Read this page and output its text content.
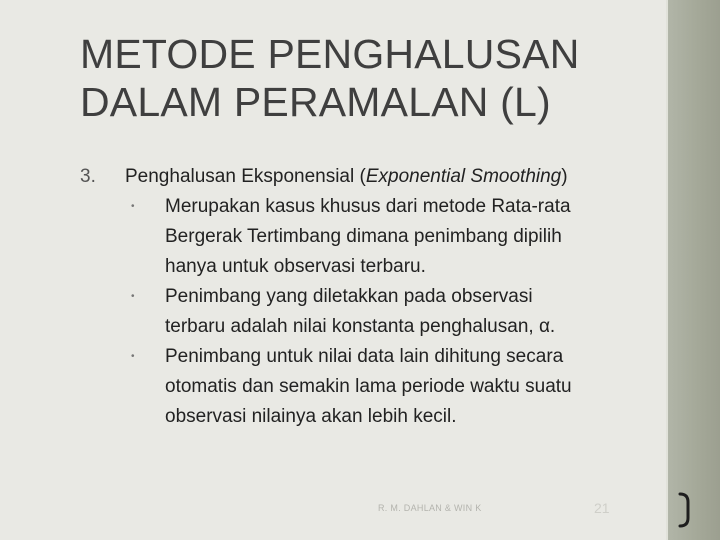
METODE PENGHALUSAN
DALAM PERAMALAN (L)
3. Penghalusan Eksponensial (Exponential Smoothing)
• Merupakan kasus khusus dari metode Rata-rata
Bergerak Tertimbang dimana penimbang dipilih
hanya untuk observasi terbaru.
• Penimbang yang diletakkan pada observasi
terbaru adalah nilai konstanta penghalusan, α.
• Penimbang untuk nilai data lain dihitung secara
otomatis dan semakin lama periode waktu suatu
observasi nilainya akan lebih kecil.
R. M. DAHLAN & WIN K	21
